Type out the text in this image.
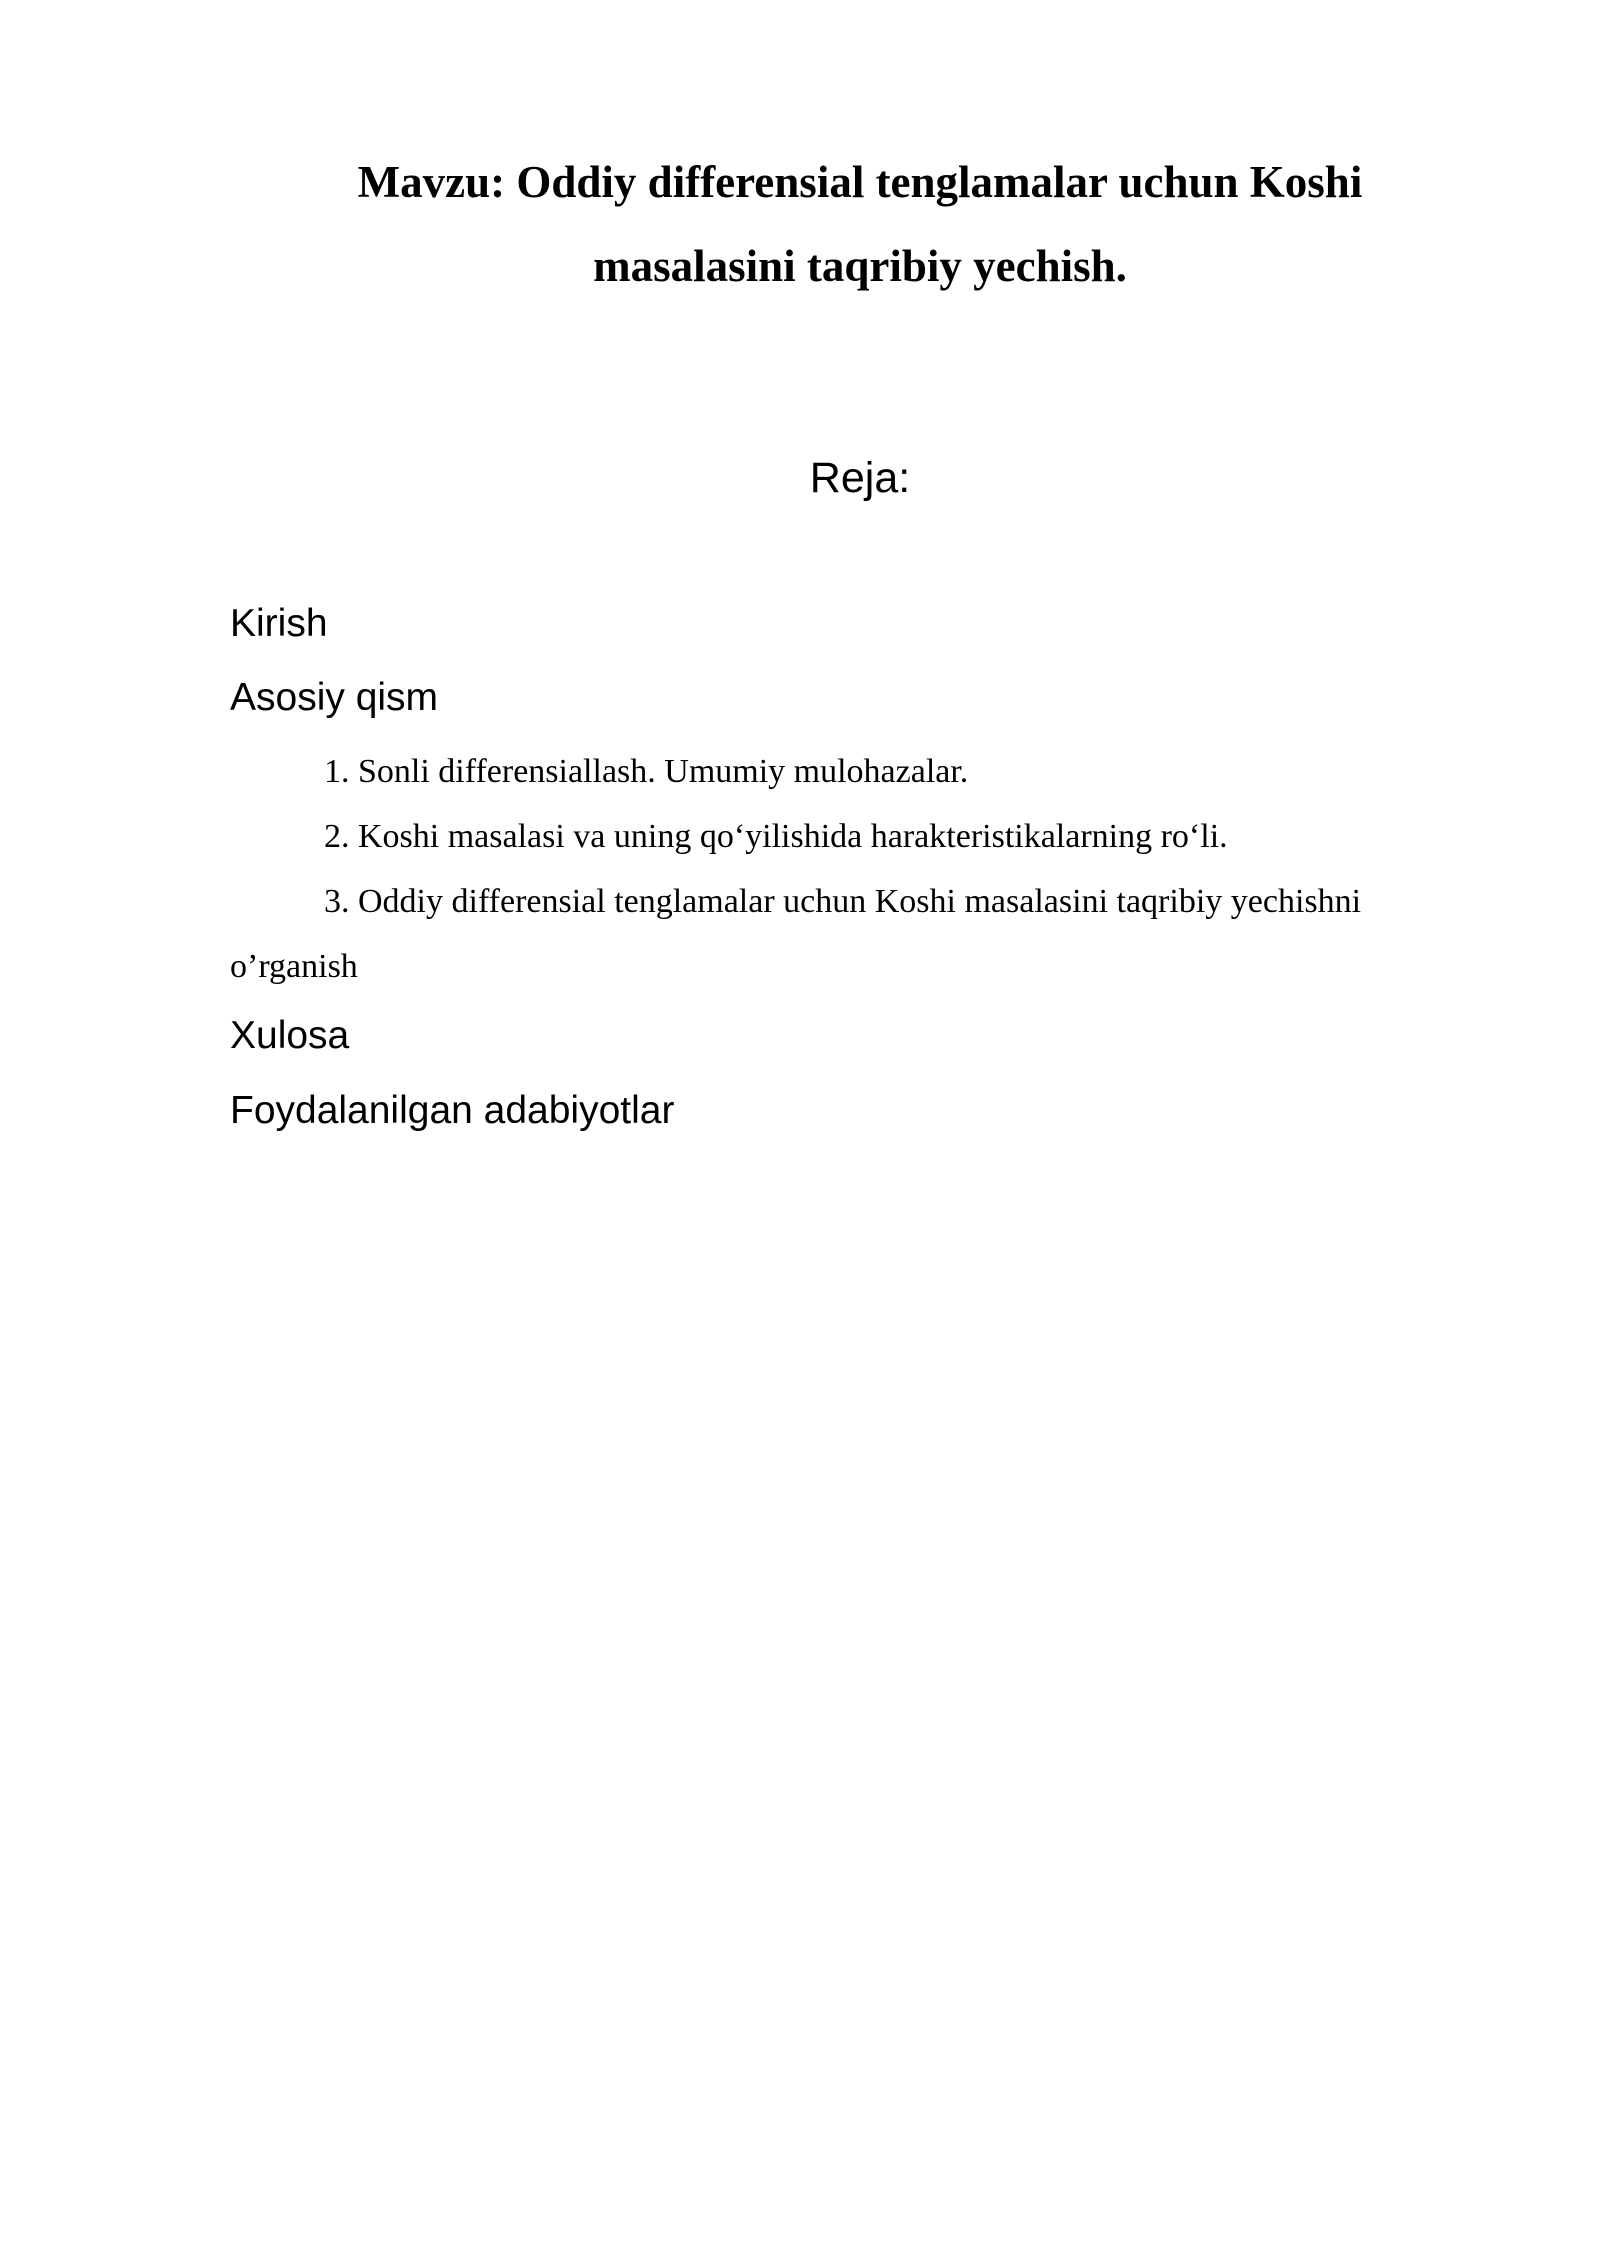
Mavzu: Oddiy differensial tenglamalar uchun Koshi
masalasini taqribiy yechish.

Reja:

Kirish

Asosiy qism

1. Sonli differensiallash. Umumiy mulohazalar.

2. Koshi masalasi va uning qo‘yilishida harakteristikalarning ro‘li.

3. Oddiy differensial tenglamalar uchun Koshi masalasini taqribiy yechishni

o’rganish

Xulosa

Foydalanilgan adabiyotlar
